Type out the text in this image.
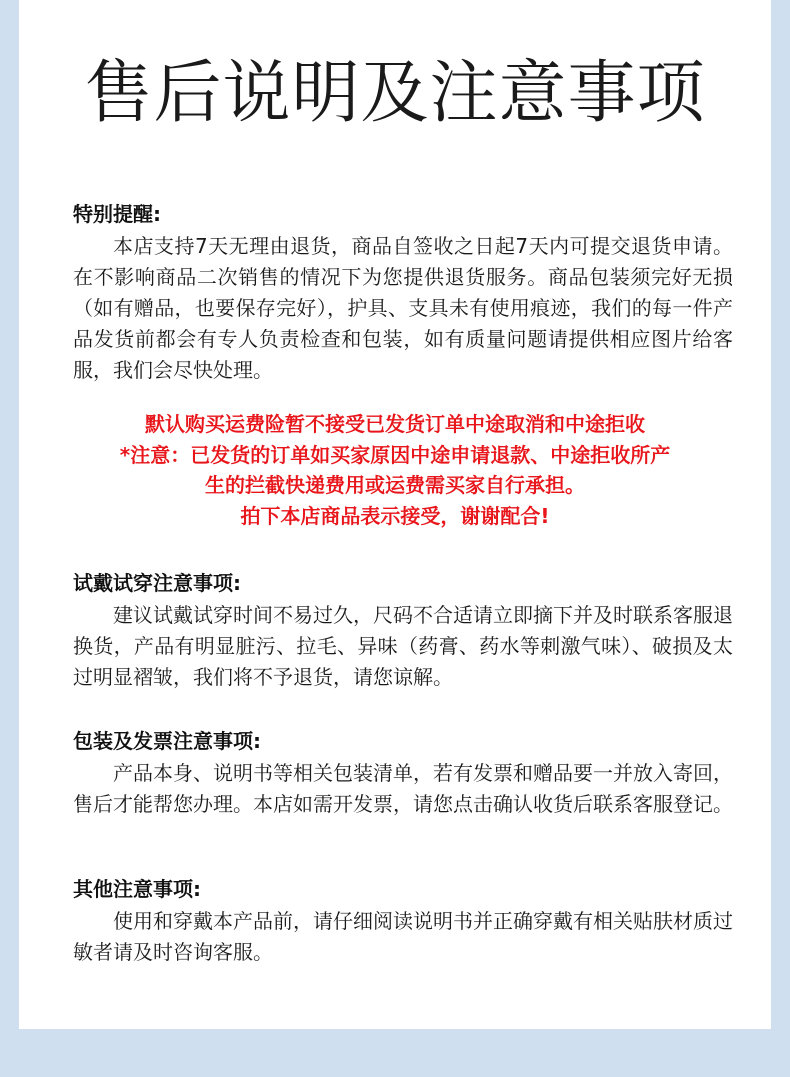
售后说明及注意事项
特别提醒:

本店支持7天无理由退货，商品自签收之日起7天内可提交退货申请。在不影响商品二次销售的情况下为您提供退货服务。商品包装须完好无损（如有赠品，也要保存完好），护具、支具未有使用痕迹，我们的每一件产品发货前都会有专人负责检查和包装，如有质量问题请提供相应图片给客服，我们会尽快处理。

默认购买运费险暂不接受已发货订单中途取消和中途拒收
*注意：已发货的订单如买家原因中途申请退款、中途拒收所产
生的拦截快递费用或运费需买家自行承担。
拍下本店商品表示接受，谢谢配合!
试戴试穿注意事项:

建议试戴试穿时间不易过久，尺码不合适请立即摘下并及时联系客服退换货，产品有明显脏污、拉毛、异味（药膏、药水等刺激气味）、破损及太过明显褶皱，我们将不予退货，请您谅解。

包装及发票注意事项:

产品本身、说明书等相关包装清单，若有发票和赠品要一并放入寄回，售后才能帮您办理。本店如需开发票，请您点击确认收货后联系客服登记。

其他注意事项:

使用和穿戴本产品前，请仔细阅读说明书并正确穿戴有相关贴肤材质过敏者请及时咨询客服。
